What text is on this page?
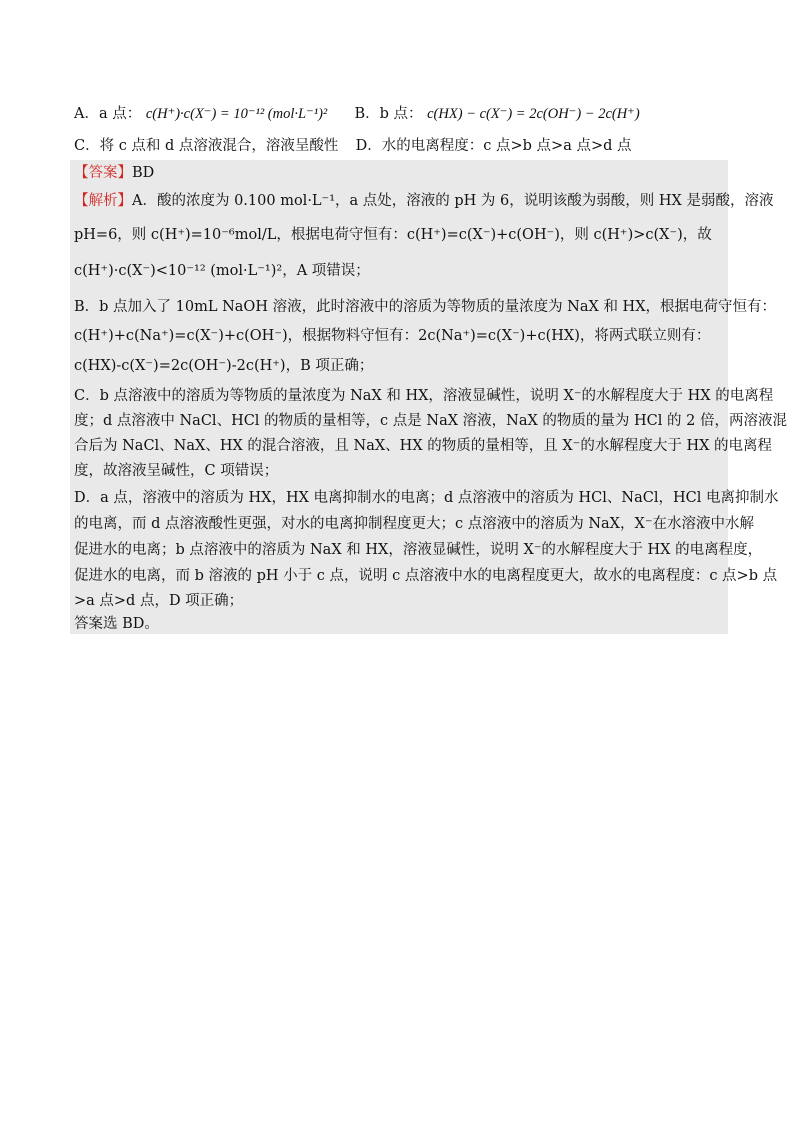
A．a 点： c(H⁺)·c(X⁻) = 10⁻¹² (mol·L⁻¹)² B．b 点： c(HX) − c(X⁻) = 2c(OH⁻) − 2c(H⁺)
C．将 c 点和 d 点溶液混合，溶液呈酸性 D．水的电离程度：c 点>b 点>a 点>d 点
【答案】BD
【解析】A．酸的浓度为 0.100 mol·L⁻¹，a 点处，溶液的 pH 为 6，说明该酸为弱酸，则 HX 是弱酸，溶液
pH=6，则 c(H⁺)=10⁻⁶mol/L，根据电荷守恒有：c(H⁺)=c(X⁻)+c(OH⁻)，则 c(H⁺)>c(X⁻)，故
c(H⁺)·c(X⁻)<10⁻¹² (mol·L⁻¹)²，A 项错误；
B．b 点加入了 10mL NaOH 溶液，此时溶液中的溶质为等物质的量浓度为 NaX 和 HX，根据电荷守恒有：
c(H⁺)+c(Na⁺)=c(X⁻)+c(OH⁻)，根据物料守恒有：2c(Na⁺)=c(X⁻)+c(HX)，将两式联立则有：
c(HX)-c(X⁻)=2c(OH⁻)-2c(H⁺)，B 项正确；
C．b 点溶液中的溶质为等物质的量浓度为 NaX 和 HX，溶液显碱性，说明 X⁻的水解程度大于 HX 的电离程
度；d 点溶液中 NaCl、HCl 的物质的量相等，c 点是 NaX 溶液，NaX 的物质的量为 HCl 的 2 倍，两溶液混
合后为 NaCl、NaX、HX 的混合溶液，且 NaX、HX 的物质的量相等，且 X⁻的水解程度大于 HX 的电离程
度，故溶液呈碱性，C 项错误；
D．a 点，溶液中的溶质为 HX，HX 电离抑制水的电离；d 点溶液中的溶质为 HCl、NaCl，HCl 电离抑制水
的电离，而 d 点溶液酸性更强，对水的电离抑制程度更大；c 点溶液中的溶质为 NaX，X⁻在水溶液中水解
促进水的电离；b 点溶液中的溶质为 NaX 和 HX，溶液显碱性，说明 X⁻的水解程度大于 HX 的电离程度，
促进水的电离，而 b 溶液的 pH 小于 c 点，说明 c 点溶液中水的电离程度更大，故水的电离程度：c 点>b 点
>a 点>d 点，D 项正确；
答案选 BD。
